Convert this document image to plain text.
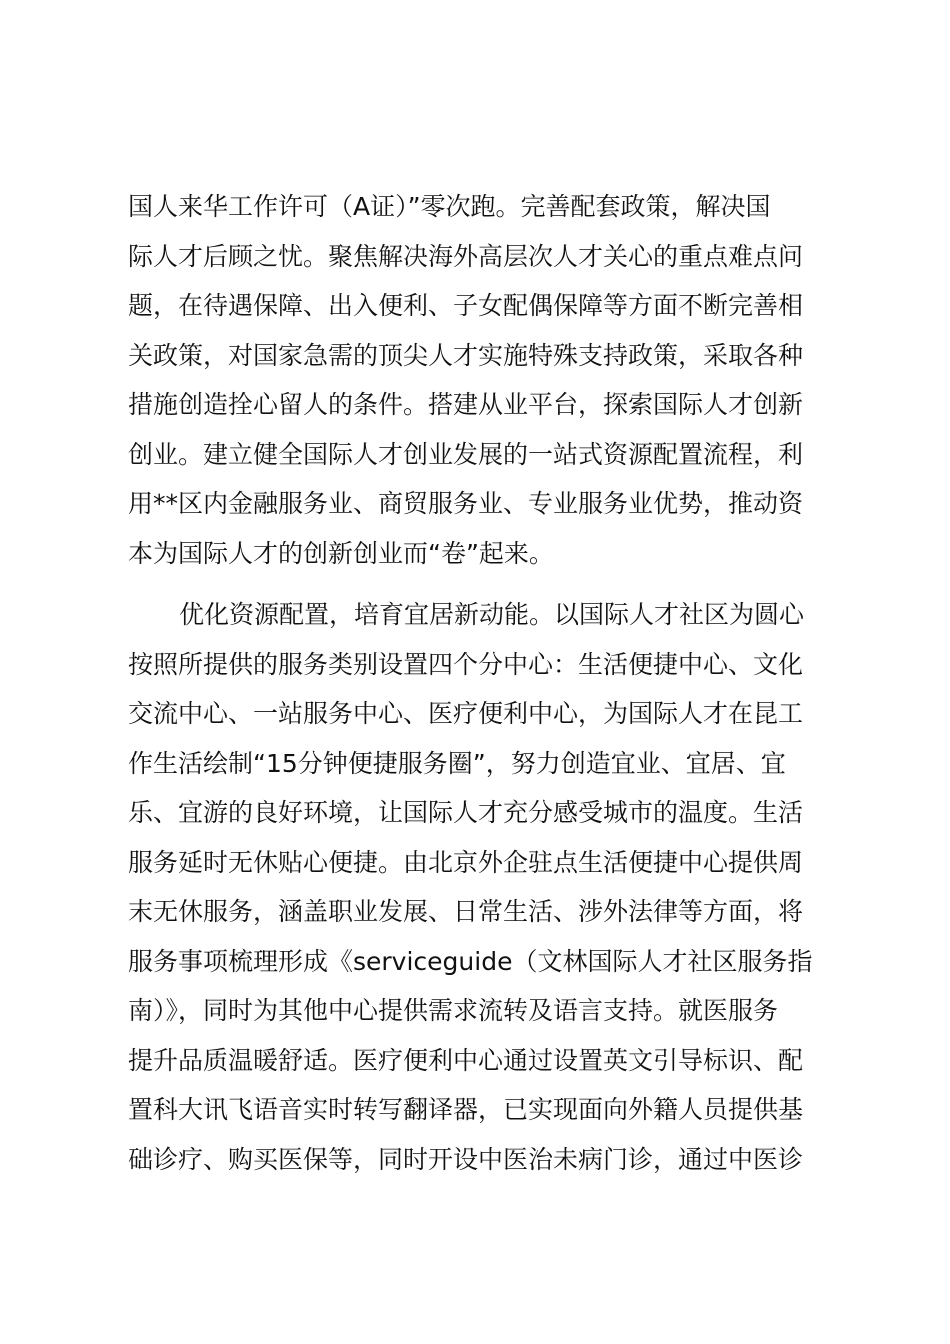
国人来华工作许可（A证）”零次跑。完善配套政策，解决国
际人才后顾之忧。聚焦解决海外高层次人才关心的重点难点问
题，在待遇保障、出入便利、子女配偶保障等方面不断完善相
关政策，对国家急需的顶尖人才实施特殊支持政策，采取各种
措施创造拴心留人的条件。搭建从业平台，探索国际人才创新
创业。建立健全国际人才创业发展的一站式资源配置流程，利
用**区内金融服务业、商贸服务业、专业服务业优势，推动资
本为国际人才的创新创业而“卷”起来。
优化资源配置，培育宜居新动能。以国际人才社区为圆心
按照所提供的服务类别设置四个分中心：生活便捷中心、文化
交流中心、一站服务中心、医疗便利中心，为国际人才在昆工
作生活绘制“15分钟便捷服务圈”，努力创造宜业、宜居、宜
乐、宜游的良好环境，让国际人才充分感受城市的温度。生活
服务延时无休贴心便捷。由北京外企驻点生活便捷中心提供周
末无休服务，涵盖职业发展、日常生活、涉外法律等方面，将
服务事项梳理形成《serviceguide（文林国际人才社区服务指
南）》，同时为其他中心提供需求流转及语言支持。就医服务
提升品质温暖舒适。医疗便利中心通过设置英文引导标识、配
置科大讯飞语音实时转写翻译器，已实现面向外籍人员提供基
础诊疗、购买医保等，同时开设中医治未病门诊，通过中医诊
